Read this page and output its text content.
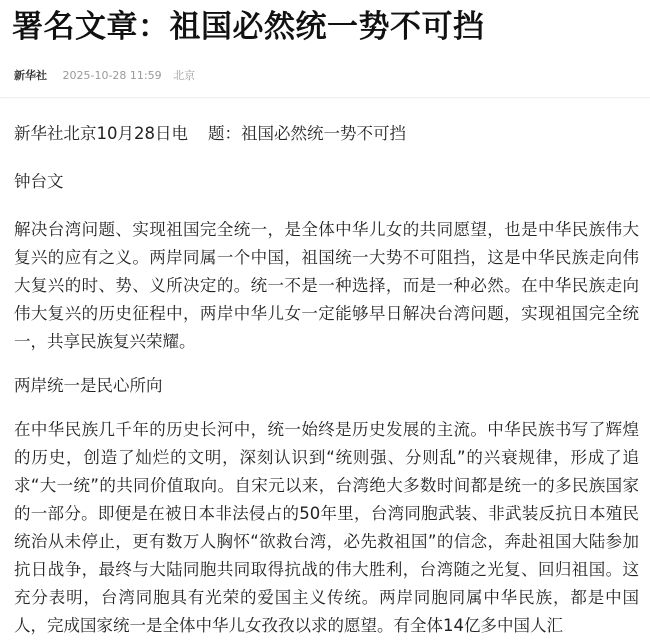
署名文章：祖国必然统一势不可挡
新华社 2025-10-28 11:59 北京

新华社北京10月28日电 题：祖国必然统一势不可挡

钟台文

解决台湾问题、实现祖国完全统一，是全体中华儿女的共同愿望，也是中华民族伟大复兴的应有之义。两岸同属一个中国，祖国统一大势不可阻挡，这是中华民族走向伟大复兴的时、势、义所决定的。统一不是一种选择，而是一种必然。在中华民族走向伟大复兴的历史征程中，两岸中华儿女一定能够早日解决台湾问题，实现祖国完全统一，共享民族复兴荣耀。

两岸统一是民心所向

在中华民族几千年的历史长河中，统一始终是历史发展的主流。中华民族书写了辉煌的历史，创造了灿烂的文明，深刻认识到“统则强、分则乱”的兴衰规律，形成了追求“大一统”的共同价值取向。自宋元以来，台湾绝大多数时间都是统一的多民族国家的一部分。即便是在被日本非法侵占的50年里，台湾同胞武装、非武装反抗日本殖民统治从未停止，更有数万人胸怀“欲救台湾，必先救祖国”的信念，奔赴祖国大陆参加抗日战争，最终与大陆同胞共同取得抗战的伟大胜利，台湾随之光复、回归祖国。这充分表明，台湾同胞具有光荣的爱国主义传统。两岸同胞同属中华民族，都是中国人，完成国家统一是全体中华儿女孜孜以求的愿望。有全体14亿多中国人汇
